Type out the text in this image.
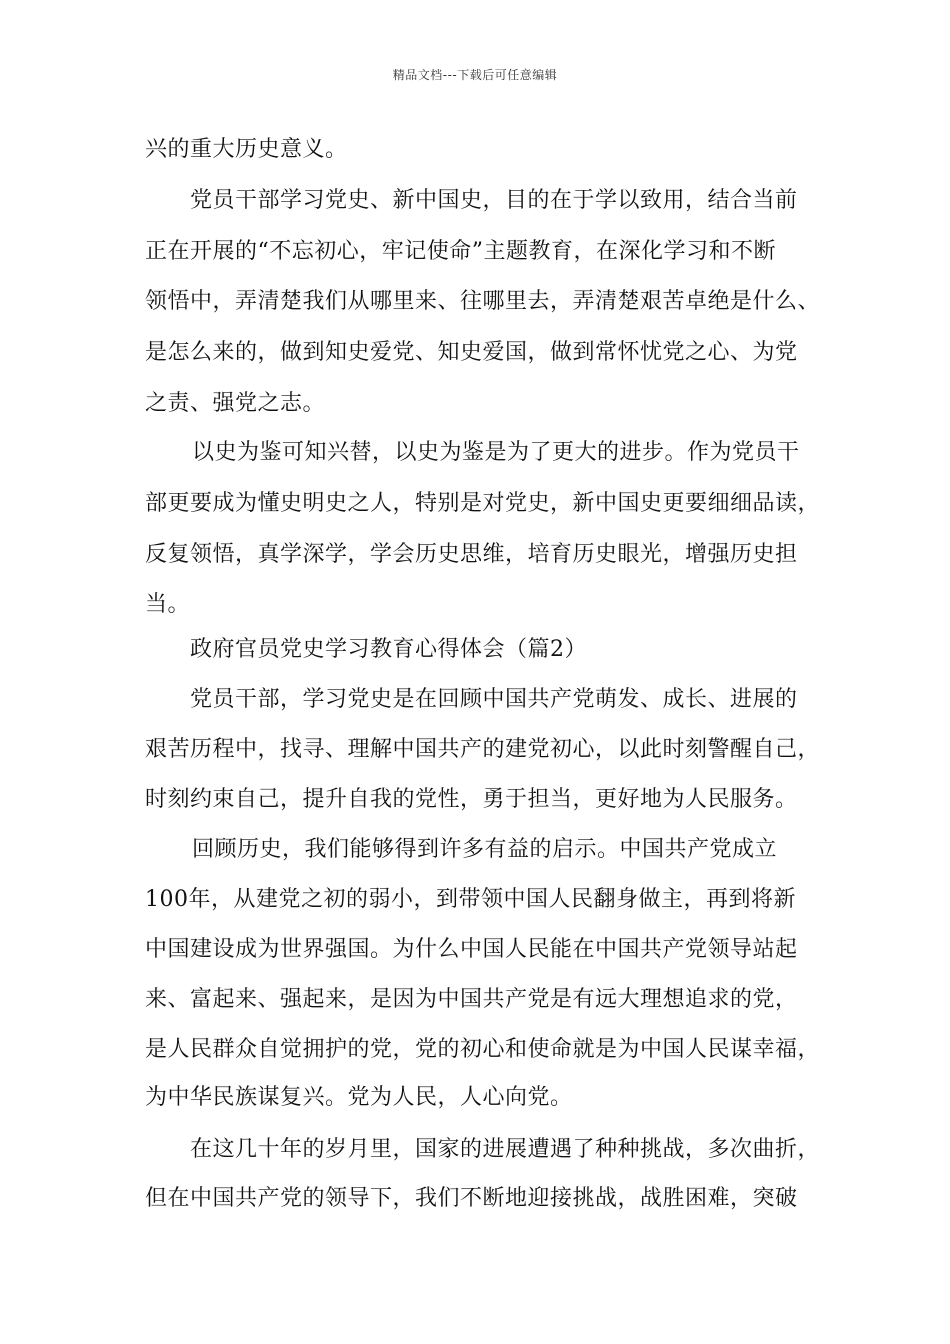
精品文档---下载后可任意编辑
兴的重大历史意义。
党员干部学习党史、新中国史，目的在于学以致用，结合当前
正在开展的“不忘初心，牢记使命”主题教育，在深化学习和不断
领悟中，弄清楚我们从哪里来、往哪里去，弄清楚艰苦卓绝是什么、
是怎么来的，做到知史爱党、知史爱国，做到常怀忧党之心、为党
之责、强党之志。
以史为鉴可知兴替，以史为鉴是为了更大的进步。作为党员干
部更要成为懂史明史之人，特别是对党史，新中国史更要细细品读，
反复领悟，真学深学，学会历史思维，培育历史眼光，增强历史担
当。
政府官员党史学习教育心得体会（篇2）
党员干部，学习党史是在回顾中国共产党萌发、成长、进展的
艰苦历程中，找寻、理解中国共产的建党初心，以此时刻警醒自己，
时刻约束自己，提升自我的党性，勇于担当，更好地为人民服务。
回顾历史，我们能够得到许多有益的启示。中国共产党成立
100年，从建党之初的弱小，到带领中国人民翻身做主，再到将新
中国建设成为世界强国。为什么中国人民能在中国共产党领导站起
来、富起来、强起来，是因为中国共产党是有远大理想追求的党，
是人民群众自觉拥护的党，党的初心和使命就是为中国人民谋幸福，
为中华民族谋复兴。党为人民，人心向党。
在这几十年的岁月里，国家的进展遭遇了种种挑战，多次曲折，
但在中国共产党的领导下，我们不断地迎接挑战，战胜困难，突破
